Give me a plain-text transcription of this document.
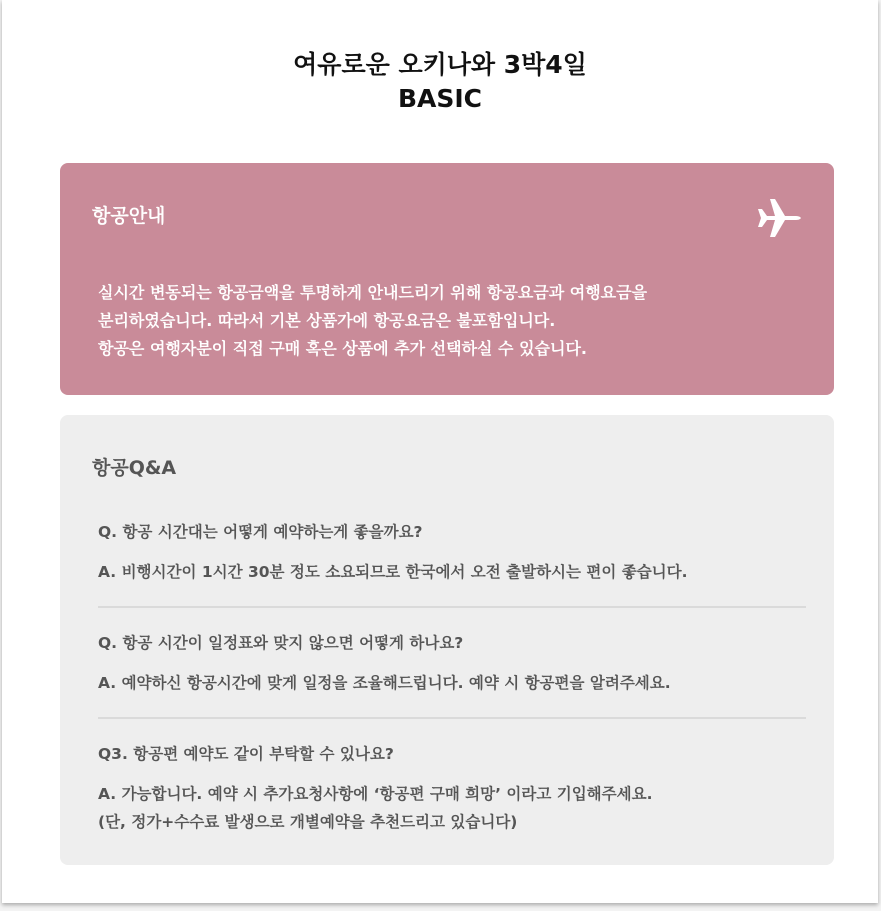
여유로운 오키나와 3박4일
BASIC
항공안내
실시간 변동되는 항공금액을 투명하게 안내드리기 위해 항공요금과 여행요금을
분리하였습니다. 따라서 기본 상품가에 항공요금은 불포함입니다.
항공은 여행자분이 직접 구매 혹은 상품에 추가 선택하실 수 있습니다.
항공Q&A
Q. 항공 시간대는 어떻게 예약하는게 좋을까요?
A. 비행시간이 1시간 30분 정도 소요되므로 한국에서 오전 출발하시는 편이 좋습니다.
Q. 항공 시간이 일정표와 맞지 않으면 어떻게 하나요?
A. 예약하신 항공시간에 맞게 일정을 조율해드립니다. 예약 시 항공편을 알려주세요.
Q3. 항공편 예약도 같이 부탁할 수 있나요?
A. 가능합니다. 예약 시 추가요청사항에 ‘항공편 구매 희망’ 이라고 기입해주세요.
(단, 정가+수수료 발생으로 개별예약을 추천드리고 있습니다)
